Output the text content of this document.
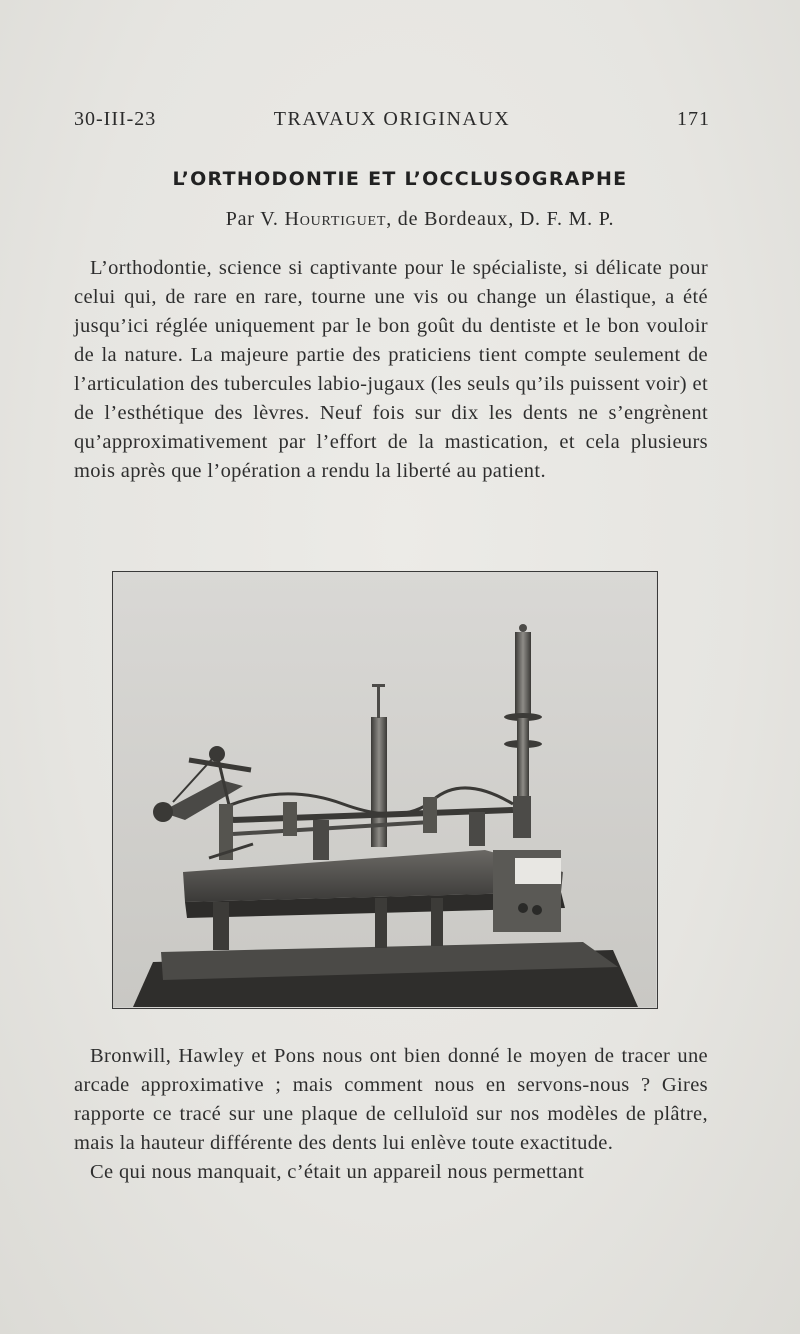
30-III-23	TRAVAUX ORIGINAUX	171
L’ORTHODONTIE ET L’OCCLUSOGRAPHE
Par V. Hourtiguet, de Bordeaux, D. F. M. P.

L’orthodontie, science si captivante pour le spécialiste, si délicate pour celui qui, de rare en rare, tourne une vis ou change un élastique, a été jusqu’ici réglée uniquement par le bon goût du dentiste et le bon vouloir de la nature. La majeure partie des praticiens tient compte seulement de l’articulation des tubercules labio-jugaux (les seuls qu’ils puissent voir) et de l’esthétique des lèvres. Neuf fois sur dix les dents ne s’engrènent qu’approximativement par l’effort de la mastication, et cela plusieurs mois après que l’opération a rendu la liberté au patient.

Bronwill, Hawley et Pons nous ont bien donné le moyen de tracer une arcade approximative ; mais comment nous en servons-nous ? Gires rapporte ce tracé sur une plaque de celluloïd sur nos modèles de plâtre, mais la hauteur différente des dents lui enlève toute exactitude.

Ce qui nous manquait, c’était un appareil nous permettant
